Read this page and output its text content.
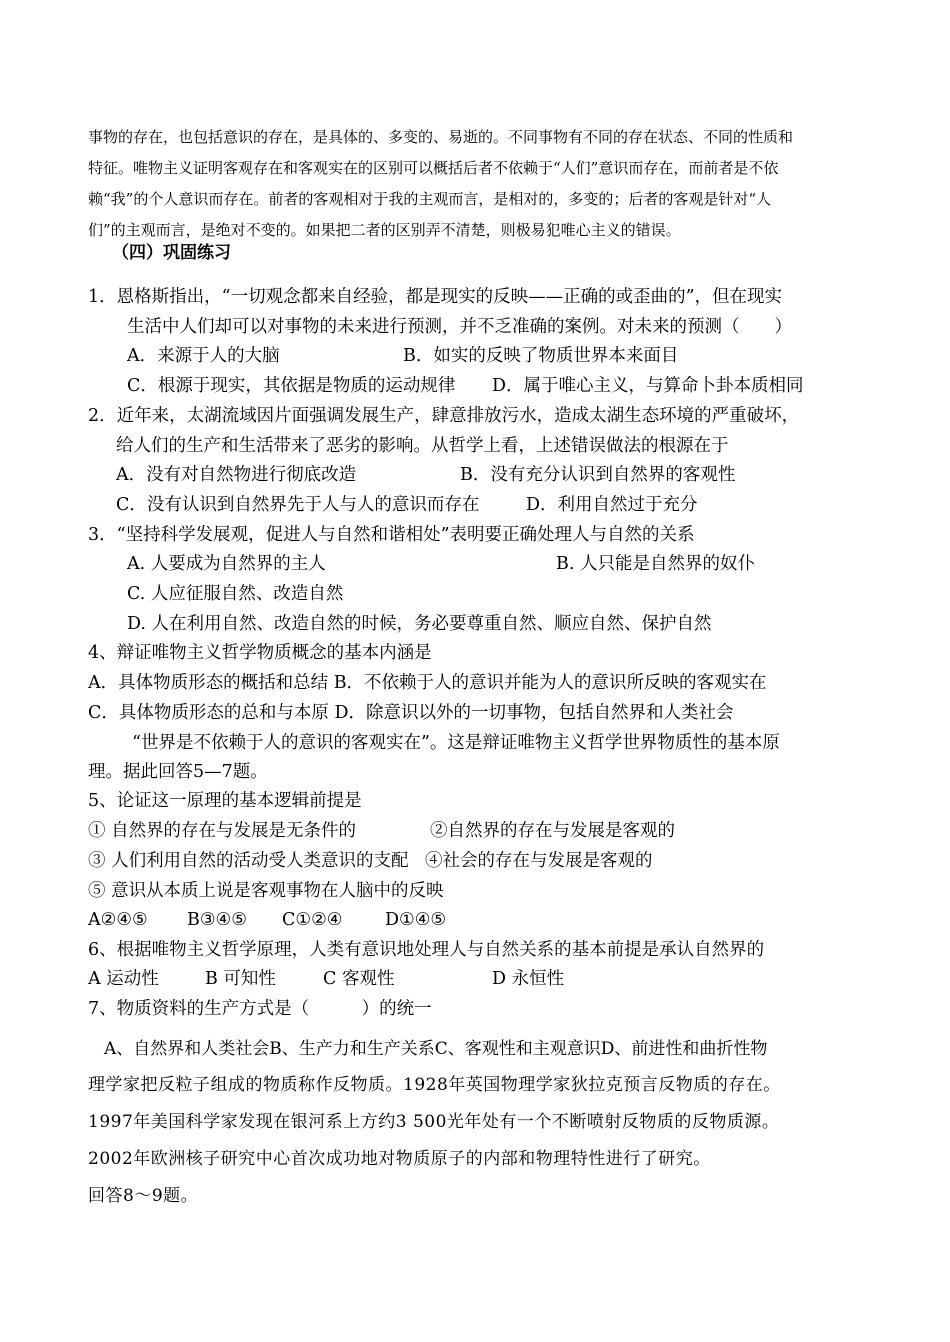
事物的存在，也包括意识的存在，是具体的、多变的、易逝的。不同事物有不同的存在状态、不同的性质和

特征。唯物主义证明客观存在和客观实在的区别可以概括后者不依赖于“人们”意识而存在，而前者是不依

赖“我”的个人意识而存在。前者的客观相对于我的主观而言，是相对的，多变的；后者的客观是针对“人

们”的主观而言，是绝对不变的。如果把二者的区别弄不清楚，则极易犯唯心主义的错误。

（四）巩固练习
1．恩格斯指出，“一切观念都来自经验，都是现实的反映——正确的或歪曲的”，但在现实
生活中人们却可以对事物的未来进行预测，并不乏准确的案例。对未来的预测（　　）
A．来源于人的大脑	B．如实的反映了物质世界本来面目
C．根源于现实，其依据是物质的运动规律 D．属于唯心主义，与算命卜卦本质相同
2．近年来，太湖流域因片面强调发展生产，肆意排放污水，造成太湖生态环境的严重破坏，
给人们的生产和生活带来了恶劣的影响。从哲学上看，上述错误做法的根源在于
A．没有对自然物进行彻底改造	B．没有充分认识到自然界的客观性
C．没有认识到自然界先于人与人的意识而存在	D．利用自然过于充分
3．“坚持科学发展观，促进人与自然和谐相处”表明要正确处理人与自然的关系
A. 人要成为自然界的主人	B. 人只能是自然界的奴仆
C. 人应征服自然、改造自然
D. 人在利用自然、改造自然的时候，务必要尊重自然、顺应自然、保护自然
4、辩证唯物主义哲学物质概念的基本内涵是
A．具体物质形态的概括和总结 B．不依赖于人的意识并能为人的意识所反映的客观实在
C．具体物质形态的总和与本原 D．除意识以外的一切事物，包括自然界和人类社会
“世界是不依赖于人的意识的客观实在”。这是辩证唯物主义哲学世界物质性的基本原
理。据此回答5—7题。
5、论证这一原理的基本逻辑前提是
① 自然界的存在与发展是无条件的	②自然界的存在与发展是客观的
③ 人们利用自然的活动受人类意识的支配 ④社会的存在与发展是客观的
⑤ 意识从本质上说是客观事物在人脑中的反映
A②④⑤ B③④⑤ C①②④ D①④⑤
6、根据唯物主义哲学原理，人类有意识地处理人与自然关系的基本前提是承认自然界的
A 运动性	B 可知性	C 客观性	D 永恒性
7、物质资料的生产方式是（　　　）的统一
A、自然界和人类社会B、生产力和生产关系C、客观性和主观意识D、前进性和曲折性物

理学家把反粒子组成的物质称作反物质。1928年英国物理学家狄拉克预言反物质的存在。

1997年美国科学家发现在银河系上方约3 500光年处有一个不断喷射反物质的反物质源。

2002年欧洲核子研究中心首次成功地对物质原子的内部和物理特性进行了研究。

回答8～9题。
